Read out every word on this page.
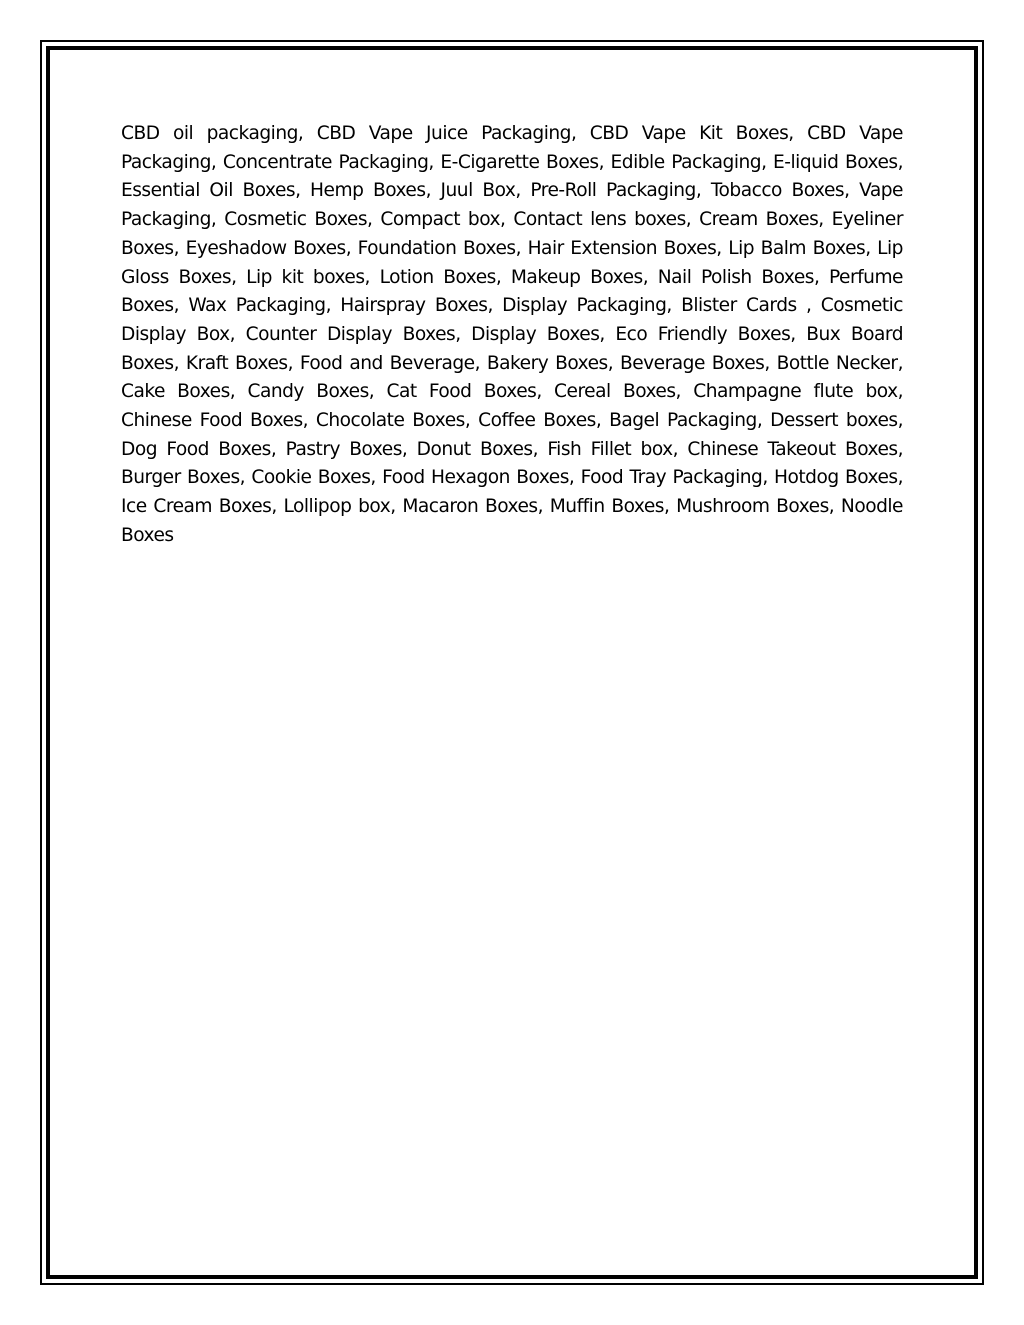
CBD oil packaging, CBD Vape Juice Packaging, CBD Vape Kit Boxes, CBD Vape Packaging, Concentrate Packaging, E-Cigarette Boxes, Edible Packaging, E-liquid Boxes, Essential Oil Boxes, Hemp Boxes, Juul Box, Pre-Roll Packaging, Tobacco Boxes, Vape Packaging, Cosmetic Boxes, Compact box, Contact lens boxes, Cream Boxes, Eyeliner Boxes, Eyeshadow Boxes, Foundation Boxes, Hair Extension Boxes, Lip Balm Boxes, Lip Gloss Boxes, Lip kit boxes, Lotion Boxes, Makeup Boxes, Nail Polish Boxes, Perfume Boxes, Wax Packaging, Hairspray Boxes, Display Packaging, Blister Cards , Cosmetic Display Box, Counter Display Boxes, Display Boxes, Eco Friendly Boxes, Bux Board Boxes, Kraft Boxes, Food and Beverage, Bakery Boxes, Beverage Boxes, Bottle Necker, Cake Boxes, Candy Boxes, Cat Food Boxes, Cereal Boxes, Champagne flute box, Chinese Food Boxes, Chocolate Boxes, Coffee Boxes, Bagel Packaging, Dessert boxes, Dog Food Boxes, Pastry Boxes, Donut Boxes, Fish Fillet box, Chinese Takeout Boxes, Burger Boxes, Cookie Boxes, Food Hexagon Boxes, Food Tray Packaging, Hotdog Boxes, Ice Cream Boxes, Lollipop box, Macaron Boxes, Muffin Boxes, Mushroom Boxes, Noodle Boxes
